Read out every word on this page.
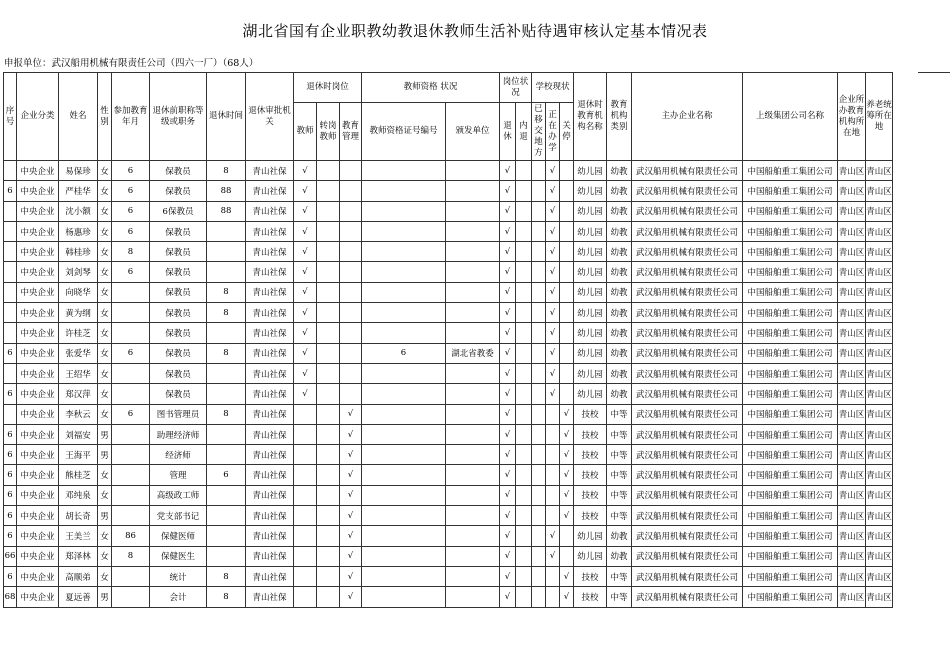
湖北省国有企业职教幼教退休教师生活补贴待遇审核认定基本情况表
申报单位：武汉船用机械有限责任公司（四六一厂）（68人）
序号	企业分类	姓名	性别	参加教育年月	退休前职称等级或职务	退休时间	退休审批机关	退休时岗位			教师资格 状况		岗位状况		学校现状			退休时教育机构名称	教育机构类别	主办企业名称	上级集团公司名称	企业所办教育机构所在地	养老统筹所在地
								教师	转岗教师	教育管理	教师资格证号编号	颁发单位	退休	内退	已移交地方	正在办学	关停						

	中央企业	易保珍	女	6	保教员	8	青山社保	√					√			√		幼儿园	幼教	武汉船用机械有限责任公司	中国船舶重工集团公司	青山区	青山区
6	中央企业	严桂华	女	6	保教员	88	青山社保	√					√			√		幼儿园	幼教	武汉船用机械有限责任公司	中国船舶重工集团公司	青山区	青山区
	中央企业	沈小额	女	6	6保教员	88	青山社保	√					√			√		幼儿园	幼教	武汉船用机械有限责任公司	中国船舶重工集团公司	青山区	青山区
	中央企业	杨惠珍	女	6	保教员		青山社保	√					√			√		幼儿园	幼教	武汉船用机械有限责任公司	中国船舶重工集团公司	青山区	青山区
	中央企业	韩桂珍	女	8	保教员		青山社保	√					√			√		幼儿园	幼教	武汉船用机械有限责任公司	中国船舶重工集团公司	青山区	青山区
	中央企业	刘剑琴	女	6	保教员		青山社保	√					√			√		幼儿园	幼教	武汉船用机械有限责任公司	中国船舶重工集团公司	青山区	青山区
	中央企业	向晓华	女		保教员	8	青山社保	√					√			√		幼儿园	幼教	武汉船用机械有限责任公司	中国船舶重工集团公司	青山区	青山区
	中央企业	黄为纲	女		保教员	8	青山社保	√					√			√		幼儿园	幼教	武汉船用机械有限责任公司	中国船舶重工集团公司	青山区	青山区
	中央企业	许桂芝	女		保教员		青山社保	√					√			√		幼儿园	幼教	武汉船用机械有限责任公司	中国船舶重工集团公司	青山区	青山区
6	中央企业	张爱华	女	6	保教员	8	青山社保	√			6	湖北省教委	√			√		幼儿园	幼教	武汉船用机械有限责任公司	中国船舶重工集团公司	青山区	青山区
	中央企业	王绍华	女		保教员		青山社保	√					√			√		幼儿园	幼教	武汉船用机械有限责任公司	中国船舶重工集团公司	青山区	青山区
6	中央企业	郑汉萍	女		保教员		青山社保	√					√			√		幼儿园	幼教	武汉船用机械有限责任公司	中国船舶重工集团公司	青山区	青山区
	中央企业	李秋云	女	6	图书管理员	8	青山社保			√			√				√	技校	中等	武汉船用机械有限责任公司	中国船舶重工集团公司	青山区	青山区
6	中央企业	刘福安	男		助理经济师		青山社保			√			√				√	技校	中等	武汉船用机械有限责任公司	中国船舶重工集团公司	青山区	青山区
6	中央企业	王海平	男		经济师		青山社保			√			√				√	技校	中等	武汉船用机械有限责任公司	中国船舶重工集团公司	青山区	青山区
6	中央企业	熊桂芝	女		管理	6	青山社保			√			√				√	技校	中等	武汉船用机械有限责任公司	中国船舶重工集团公司	青山区	青山区
6	中央企业	邓纯泉	女		高级政工师		青山社保			√			√				√	技校	中等	武汉船用机械有限责任公司	中国船舶重工集团公司	青山区	青山区
6	中央企业	胡长奇	男		党支部书记		青山社保			√			√				√	技校	中等	武汉船用机械有限责任公司	中国船舶重工集团公司	青山区	青山区
6	中央企业	王美兰	女	86	保健医师		青山社保			√			√			√		幼儿园	幼教	武汉船用机械有限责任公司	中国船舶重工集团公司	青山区	青山区
66	中央企业	郑泽林	女	8	保健医生		青山社保			√			√			√		幼儿园	幼教	武汉船用机械有限责任公司	中国船舶重工集团公司	青山区	青山区
6	中央企业	高顺弟	女		统计	8	青山社保			√			√				√	技校	中等	武汉船用机械有限责任公司	中国船舶重工集团公司	青山区	青山区
68	中央企业	夏远善	男		会计	8	青山社保			√			√				√	技校	中等	武汉船用机械有限责任公司	中国船舶重工集团公司	青山区	青山区
